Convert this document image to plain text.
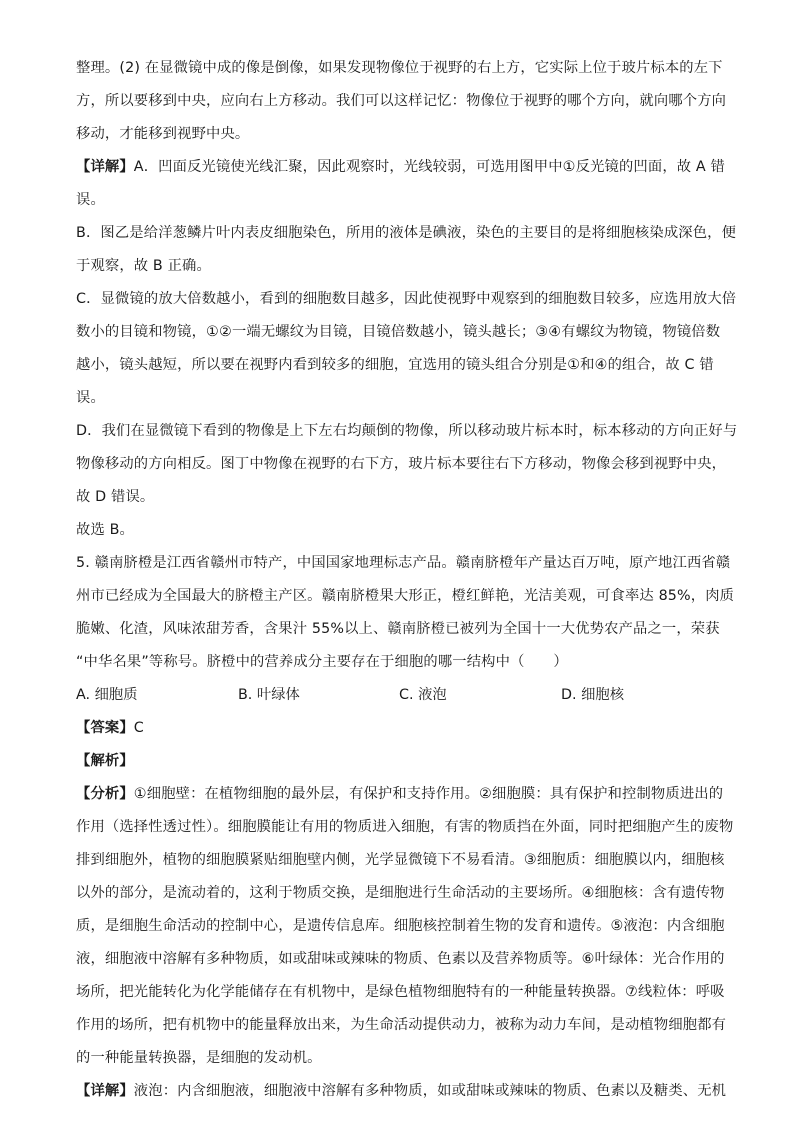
整理。(2) 在显微镜中成的像是倒像，如果发现物像位于视野的右上方，它实际上位于玻片标本的左下
方，所以要移到中央，应向右上方移动。我们可以这样记忆：物像位于视野的哪个方向，就向哪个方向
移动，才能移到视野中央。
【详解】A．凹面反光镜使光线汇聚，因此观察时，光线较弱，可选用图甲中①反光镜的凹面，故 A 错
误。
B．图乙是给洋葱鳞片叶内表皮细胞染色，所用的液体是碘液，染色的主要目的是将细胞核染成深色，便
于观察，故 B 正确。
C．显微镜的放大倍数越小，看到的细胞数目越多，因此使视野中观察到的细胞数目较多，应选用放大倍
数小的目镜和物镜，①②一端无螺纹为目镜，目镜倍数越小，镜头越长；③④有螺纹为物镜，物镜倍数
越小，镜头越短，所以要在视野内看到较多的细胞，宜选用的镜头组合分别是①和④的组合，故 C 错
误。
D．我们在显微镜下看到的物像是上下左右均颠倒的物像，所以移动玻片标本时，标本移动的方向正好与
物像移动的方向相反。图丁中物像在视野的右下方，玻片标本要往右下方移动，物像会移到视野中央，
故 D 错误。
故选 B。
5. 赣南脐橙是江西省赣州市特产，中国国家地理标志产品。赣南脐橙年产量达百万吨，原产地江西省赣
州市已经成为全国最大的脐橙主产区。赣南脐橙果大形正，橙红鲜艳，光洁美观，可食率达 85%，肉质
脆嫩、化渣，风味浓甜芳香，含果汁 55%以上、赣南脐橙已被列为全国十一大优势农产品之一，荣获
“中华名果”等称号。脐橙中的营养成分主要存在于细胞的哪一结构中（　　）
A. 细胞质	B. 叶绿体	C. 液泡	D. 细胞核
【答案】C
【解析】
【分析】①细胞壁：在植物细胞的最外层，有保护和支持作用。②细胞膜：具有保护和控制物质进出的
作用（选择性透过性）。细胞膜能让有用的物质进入细胞，有害的物质挡在外面，同时把细胞产生的废物
排到细胞外，植物的细胞膜紧贴细胞壁内侧，光学显微镜下不易看清。③细胞质：细胞膜以内，细胞核
以外的部分，是流动着的，这利于物质交换，是细胞进行生命活动的主要场所。④细胞核：含有遗传物
质，是细胞生命活动的控制中心，是遗传信息库。细胞核控制着生物的发育和遗传。⑤液泡：内含细胞
液，细胞液中溶解有多种物质，如或甜味或辣味的物质、色素以及营养物质等。⑥叶绿体：光合作用的
场所，把光能转化为化学能储存在有机物中，是绿色植物细胞特有的一种能量转换器。⑦线粒体：呼吸
作用的场所，把有机物中的能量释放出来，为生命活动提供动力，被称为动力车间，是动植物细胞都有
的一种能量转换器，是细胞的发动机。
【详解】液泡：内含细胞液，细胞液中溶解有多种物质，如或甜味或辣味的物质、色素以及糖类、无机
